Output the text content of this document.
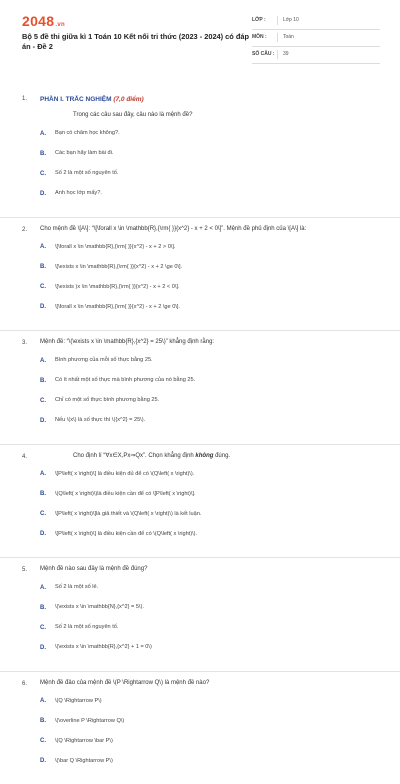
2048.vn
Bộ 5 đề thi giữa kì 1 Toán 10 Kết nối tri thức (2023 - 2024) có đáp án - Đề 2
LỚP :	Lớp 10
MÔN :	Toán
SỐ CÂU : 39
1. PHẦN I. TRẮC NGHIỆM (7,0 điểm)
Trong các câu sau đây, câu nào là mệnh đề?
A.	Bạn có chăm học không?.
B.	Các bạn hãy làm bài đi.
C.	Số 2 là một số nguyên tố.
D.	Anh học lớp mấy?.
2. Cho mệnh đề \[A\]: “\[\forall x \in \mathbb{R},{\rm{ }}{x^2} - x + 2 < 0\]”. Mệnh đề phủ định của \[A\] là:
A.	\[\forall x \in \mathbb{R},{\rm{ }}{x^2} - x + 2 > 0\].
B.	\[\exists x \in \mathbb{R},{\rm{ }}{x^2} - x + 2 \ge 0\].
C.	\[\exists )x \in \mathbb{R},{\rm{ }}{x^2} - x + 2 < 0\].
D.	\[\forall x \in \mathbb{R},{\rm{ }}{x^2} - x + 2 \ge 0\].
3. Mệnh đề: “\(\exists x \in \mathbb{R},{x^2} = 25\)” khẳng định rằng:
A.	Bình phương của mỗi số thực bằng 25.
B.	Có ít nhất một số thực mà bình phương của nó bằng 25.
C.	Chỉ có một số thực bình phương bằng 25.
D.	Nếu \(x\) là số thực thì \({x^2} = 25\).
4.	Cho định lí “∀x∈X,Px⇒Qx”. Chọn khẳng định không đúng.
A.	\[P\left( x \right)\] là điều kiện đủ để có \(Q\left( x \right)\).
B.	\(Q\left( x \right)\)là điều kiện cần để có \[P\left( x \right)\].
C.	\[P\left( x \right)\]là giả thiết và \(Q\left( x \right)\) là kết luận.
D.	\[P\left( x \right)\] là điều kiện cần để có \(Q\left( x \right)\).
5. Mệnh đề nào sau đây là mệnh đề đúng?
A.	Số 2 là một số lẻ.
B.	\(\exists x \in \mathbb{N},{x^2} = 5\).
C.	Số 2 là một số nguyên tố.
D.	\(\exists x \in \mathbb{R},{x^2} + 1 = 0\)
6. Mệnh đề đảo của mệnh đề \(P \Rightarrow Q\) là mệnh đề nào?
A.	\(Q \Rightarrow P\)
B.	\(\overline P \Rightarrow Q\)
C.	\(Q \Rightarrow \bar P\)
D.	\(\bar Q \Rightarrow P\)
